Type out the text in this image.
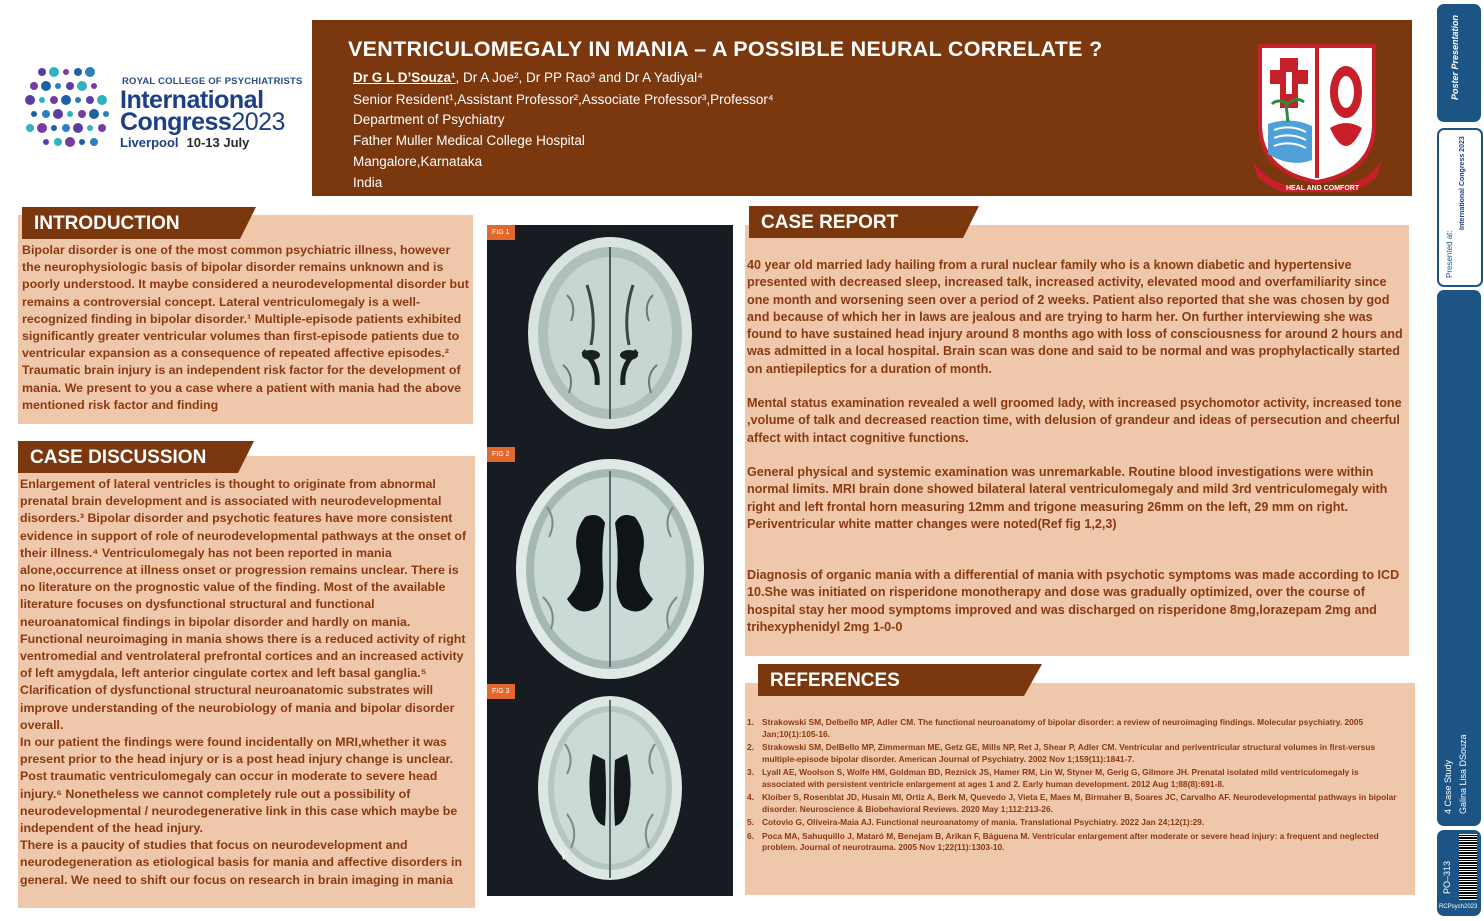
ROYAL COLLEGE OF PSYCHIATRISTS
International
Congress2023
Liverpool 10-13 July
VENTRICULOMEGALY IN MANIA – A POSSIBLE NEURAL CORRELATE ?
Dr G L D’Souza¹, Dr A Joe², Dr PP Rao³ and Dr A Yadiyal⁴
Senior Resident¹,Assistant Professor²,Associate Professor³,Professor⁴
Department of Psychiatry
Father Muller Medical College Hospital
Mangalore,Karnataka
India	HEAL AND COMFORT
INTRODUCTION
Bipolar disorder is one of the most common psychiatric illness, however the neurophysiologic basis of bipolar disorder remains unknown and is poorly understood. It maybe considered a neurodevelopmental disorder but remains a controversial concept. Lateral ventriculomegaly is a well-recognized finding in bipolar disorder.¹ Multiple-episode patients exhibited significantly greater ventricular volumes than first-episode patients due to ventricular expansion as a consequence of repeated affective episodes.² Traumatic brain injury is an independent risk factor for the development of mania. We present to you a case where a patient with mania had the above mentioned risk factor and finding
CASE DISCUSSION
Enlargement of lateral ventricles is thought to originate from abnormal prenatal brain development and is associated with neurodevelopmental disorders.³ Bipolar disorder and psychotic features have more consistent evidence in support of role of neurodevelopmental pathways at the onset of their illness.⁴ Ventriculomegaly has not been reported in mania alone,occurrence at illness onset or progression remains unclear. There is no literature on the prognostic value of the finding. Most of the available literature focuses on dysfunctional structural and functional neuroanatomical findings in bipolar disorder and hardly on mania.
Functional neuroimaging in mania shows there is a reduced activity of right ventromedial and ventrolateral prefrontal cortices and an increased activity of left amygdala, left anterior cingulate cortex and left basal ganglia.⁵ Clarification of dysfunctional structural neuroanatomic substrates will improve understanding of the neurobiology of mania and bipolar disorder overall.
In our patient the findings were found incidentally on MRI,whether it was present prior to the head injury or is a post head injury change is unclear. Post traumatic ventriculomegaly can occur in moderate to severe head injury.⁶ Nonetheless we cannot completely rule out a possibility of neurodevelopmental / neurodegenerative link in this case which maybe be independent of the head injury.
There is a paucity of studies that focus on neurodevelopment and neurodegeneration as etiological basis for mania and affective disorders in general. We need to shift our focus on research in brain imaging in mania
FIG 1
FIG 2
FIG 3
CASE REPORT
40 year old married lady hailing from a rural nuclear family who is a known diabetic and hypertensive presented with decreased sleep, increased talk, increased activity, elevated mood and overfamiliarity since one month and worsening seen over a period of 2 weeks. Patient also reported that she was chosen by god and because of which her in laws are jealous and are trying to harm her. On further interviewing she was found to have sustained head injury around 8 months ago with loss of consciousness for around 2 hours and was admitted in a local hospital. Brain scan was done and said to be normal and was prophylactically started on antiepileptics for a duration of month.
Mental status examination revealed a well groomed lady, with increased psychomotor activity, increased tone ,volume of talk and decreased reaction time, with delusion of grandeur and ideas of persecution and cheerful affect with intact cognitive functions.
General physical and systemic examination was unremarkable. Routine blood investigations were within normal limits. MRI brain done showed bilateral lateral ventriculomegaly and mild 3rd ventriculomegaly with right and left frontal horn measuring 12mm and trigone measuring 26mm on the left, 29 mm on right. Periventricular white matter changes were noted(Ref fig 1,2,3)
Diagnosis of organic mania with a differential of mania with psychotic symptoms was made according to ICD 10.She was initiated on risperidone monotherapy and dose was gradually optimized, over the course of hospital stay her mood symptoms improved and was discharged on risperidone 8mg,lorazepam 2mg and trihexyphenidyl 2mg 1-0-0
REFERENCES
1. Strakowski SM, Delbello MP, Adler CM. The functional neuroanatomy of bipolar disorder: a review of neuroimaging findings. Molecular psychiatry. 2005 Jan;10(1):105-16.
2. Strakowski SM, DelBello MP, Zimmerman ME, Getz GE, Mills NP, Ret J, Shear P, Adler CM. Ventricular and periventricular structural volumes in first-versus multiple-episode bipolar disorder. American Journal of Psychiatry. 2002 Nov 1;159(11):1841-7.
3. Lyall AE, Woolson S, Wolfe HM, Goldman BD, Reznick JS, Hamer RM, Lin W, Styner M, Gerig G, Gilmore JH. Prenatal isolated mild ventriculomegaly is associated with persistent ventricle enlargement at ages 1 and 2. Early human development. 2012 Aug 1;88(8):691-8.
4. Kloiber S, Rosenblat JD, Husain MI, Ortiz A, Berk M, Quevedo J, Vieta E, Maes M, Birmaher B, Soares JC, Carvalho AF. Neurodevelopmental pathways in bipolar disorder. Neuroscience & Biobehavioral Reviews. 2020 May 1;112:213-26.
5. Cotovio G, Oliveira-Maia AJ. Functional neuroanatomy of mania. Translational Psychiatry. 2022 Jan 24;12(1):29.
6. Poca MA, Sahuquillo J, Mataró M, Benejam B, Arikan F, Báguena M. Ventricular enlargement after moderate or severe head injury: a frequent and neglected problem. Journal of neurotrauma. 2005 Nov 1;22(11):1303-10.
Poster Presentation
Presented at:
International Congress 2023
4 Case Study Galina Lisa DSouza
PO–313
RCPsych2023
